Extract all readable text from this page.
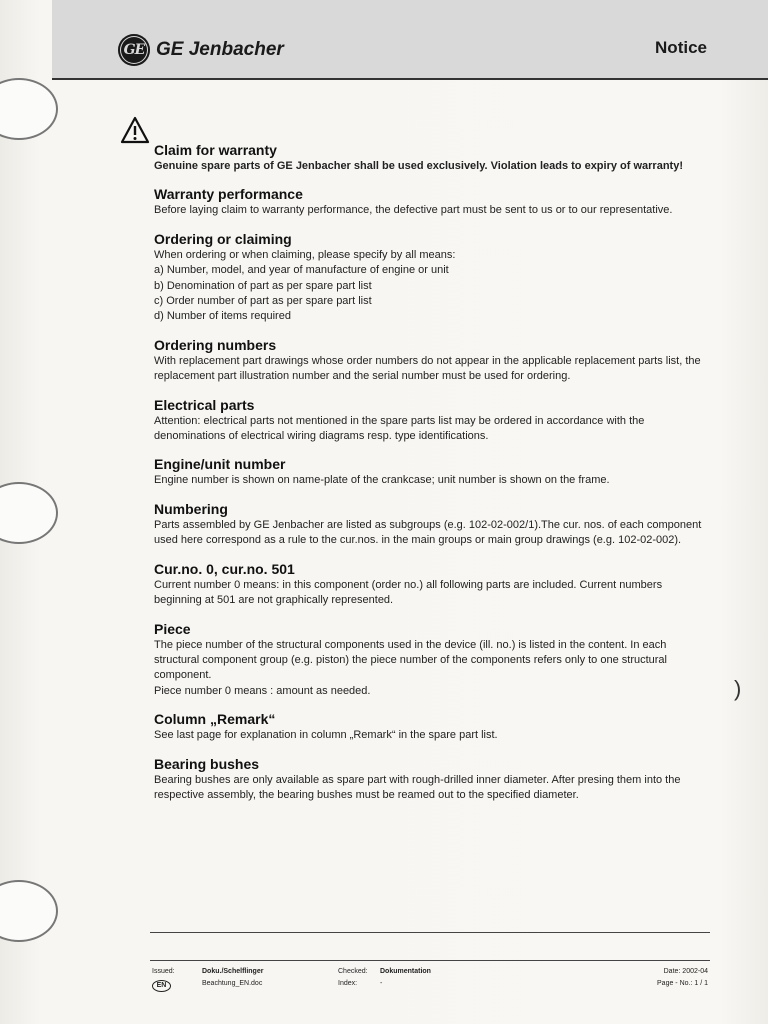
GE GE Jenbacher	Notice
Claim for warranty

Genuine spare parts of GE Jenbacher shall be used exclusively. Violation leads to expiry of warranty!

Warranty performance

Before laying claim to warranty performance, the defective part must be sent to us or to our representative.

Ordering or claiming

When ordering or when claiming, please specify by all means:

a) Number, model, and year of manufacture of engine or unit

b) Denomination of part as per spare part list

c) Order number of part as per spare part list

d) Number of items required

Ordering numbers

With replacement part drawings whose order numbers do not appear in the applicable replacement parts list, the replacement part illustration number and the serial number must be used for ordering.

Electrical parts

Attention: electrical parts not mentioned in the spare parts list may be ordered in accordance with the denominations of electrical wiring diagrams resp. type identifications.

Engine/unit number

Engine number is shown on name-plate of the crankcase; unit number is shown on the frame.

Numbering

Parts assembled by GE Jenbacher are listed as subgroups (e.g. 102-02-002/1).The cur. nos. of each component used here correspond as a rule to the cur.nos. in the main groups or main group drawings (e.g. 102-02-002).

Cur.no. 0, cur.no. 501

Current number 0 means: in this component (order no.) all following parts are included. Current numbers beginning at 501 are not graphically represented.

Piece

The piece number of the structural components used in the device (ill. no.) is listed in the content. In each structural component group (e.g. piston) the piece number of the components refers only to one structural component.

Piece number 0 means : amount as needed.

Column „Remark“

See last page for explanation in column „Remark“ in the spare part list.

Bearing bushes

Bearing bushes are only available as spare part with rough-drilled inner diameter. After presing them into the respective assembly, the bearing bushes must be reamed out to the specified diameter.

)
Issued:
EN
Doku./Schelflinger
Beachtung_EN.doc
Checked:
Index:
Dokumentation
-
Date: 2002-04
Page - No.: 1 / 1
